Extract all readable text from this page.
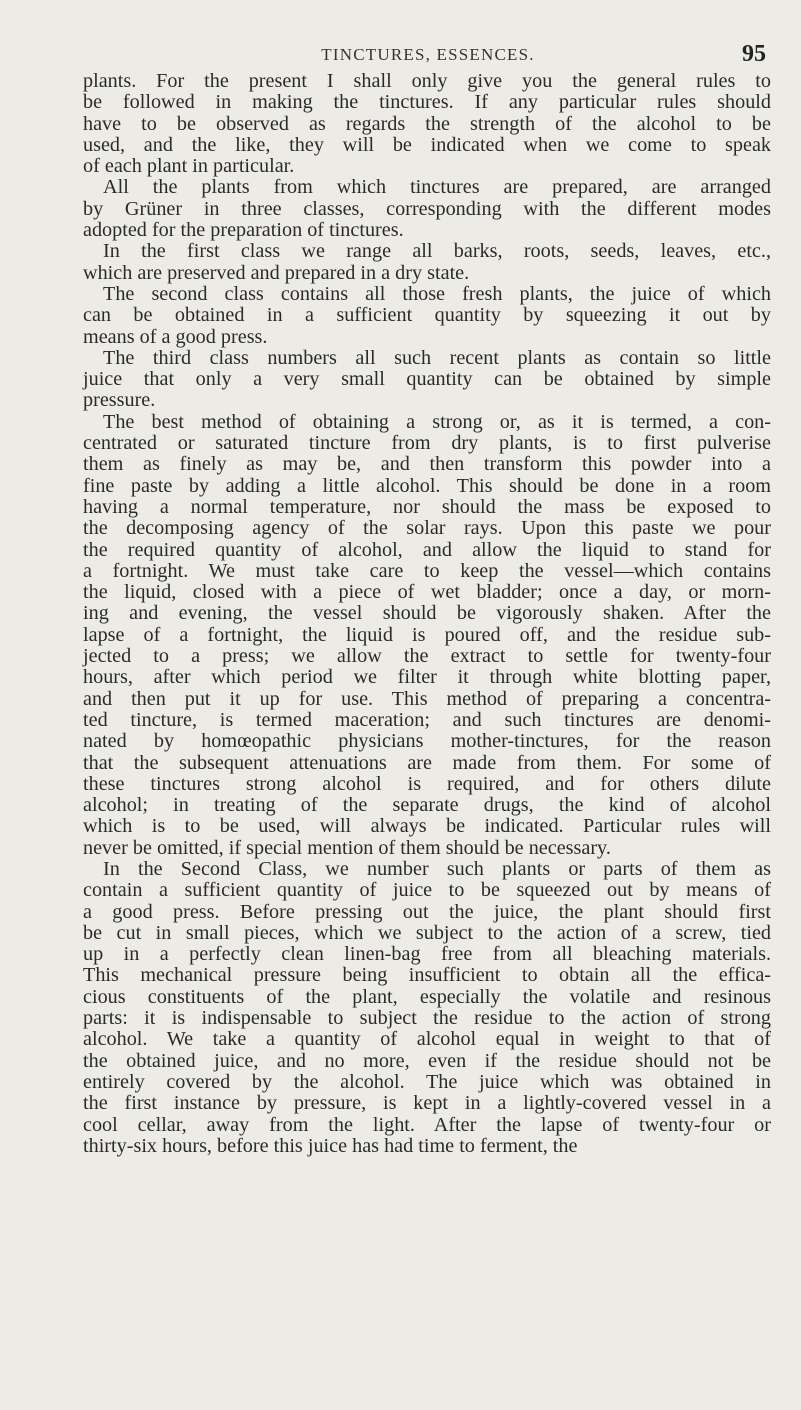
TINCTURES, ESSENCES.	95
plants. For the present I shall only give you the general rules to
be followed in making the tinctures. If any particular rules should
have to be observed as regards the strength of the alcohol to be
used, and the like, they will be indicated when we come to speak
of each plant in particular.
All the plants from which tinctures are prepared, are arranged
by Grüner in three classes, corresponding with the different modes
adopted for the preparation of tinctures.
In the first class we range all barks, roots, seeds, leaves, etc.,
which are preserved and prepared in a dry state.
The second class contains all those fresh plants, the juice of which
can be obtained in a sufficient quantity by squeezing it out by
means of a good press.
The third class numbers all such recent plants as contain so little
juice that only a very small quantity can be obtained by simple
pressure.
The best method of obtaining a strong or, as it is termed, a con-
centrated or saturated tincture from dry plants, is to first pulverise
them as finely as may be, and then transform this powder into a
fine paste by adding a little alcohol. This should be done in a room
having a normal temperature, nor should the mass be exposed to
the decomposing agency of the solar rays. Upon this paste we pour
the required quantity of alcohol, and allow the liquid to stand for
a fortnight. We must take care to keep the vessel—which contains
the liquid, closed with a piece of wet bladder; once a day, or morn-
ing and evening, the vessel should be vigorously shaken. After the
lapse of a fortnight, the liquid is poured off, and the residue sub-
jected to a press; we allow the extract to settle for twenty-four
hours, after which period we filter it through white blotting paper,
and then put it up for use. This method of preparing a concentra-
ted tincture, is termed maceration; and such tinctures are denomi-
nated by homœopathic physicians mother-tinctures, for the reason
that the subsequent attenuations are made from them. For some of
these tinctures strong alcohol is required, and for others dilute
alcohol; in treating of the separate drugs, the kind of alcohol
which is to be used, will always be indicated. Particular rules will
never be omitted, if special mention of them should be necessary.
In the Second Class, we number such plants or parts of them as
contain a sufficient quantity of juice to be squeezed out by means of
a good press. Before pressing out the juice, the plant should first
be cut in small pieces, which we subject to the action of a screw, tied
up in a perfectly clean linen-bag free from all bleaching materials.
This mechanical pressure being insufficient to obtain all the effica-
cious constituents of the plant, especially the volatile and resinous
parts: it is indispensable to subject the residue to the action of strong
alcohol. We take a quantity of alcohol equal in weight to that of
the obtained juice, and no more, even if the residue should not be
entirely covered by the alcohol. The juice which was obtained in
the first instance by pressure, is kept in a lightly-covered vessel in a
cool cellar, away from the light. After the lapse of twenty-four or
thirty-six hours, before this juice has had time to ferment, the
